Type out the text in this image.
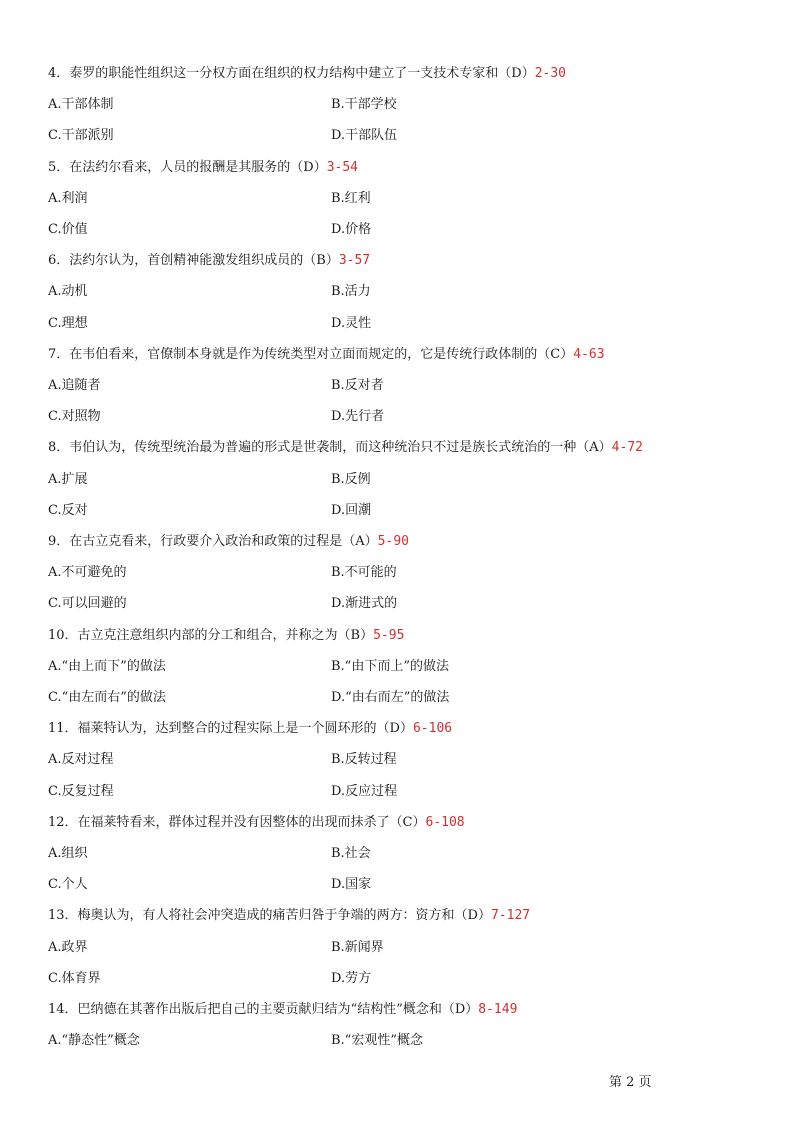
4．泰罗的职能性组织这一分权方面在组织的权力结构中建立了一支技术专家和（D）2-30
A.干部体制	B.干部学校
C.干部派别	D.干部队伍
5．在法约尔看来，人员的报酬是其服务的（D）3-54
A.利润	B.红利
C.价值	D.价格
6．法约尔认为，首创精神能激发组织成员的（B）3-57
A.动机	B.活力
C.理想	D.灵性
7．在韦伯看来，官僚制本身就是作为传统类型对立面而规定的，它是传统行政体制的（C）4-63
A.追随者	B.反对者
C.对照物	D.先行者
8．韦伯认为，传统型统治最为普遍的形式是世袭制，而这种统治只不过是族长式统治的一种（A）4-72
A.扩展	B.反例
C.反对	D.回潮
9．在古立克看来，行政要介入政治和政策的过程是（A）5-90
A.不可避免的	B.不可能的
C.可以回避的	D.渐进式的
10．古立克注意组织内部的分工和组合，并称之为（B）5-95
A.“由上而下”的做法	B.“由下而上”的做法
C.“由左而右”的做法	D.“由右而左”的做法
11．福莱特认为，达到整合的过程实际上是一个圆环形的（D）6-106
A.反对过程	B.反转过程
C.反复过程	D.反应过程
12．在福莱特看来，群体过程并没有因整体的出现而抹杀了（C）6-108
A.组织	B.社会
C.个人	D.国家
13．梅奥认为，有人将社会冲突造成的痛苦归咎于争端的两方：资方和（D）7-127
A.政界	B.新闻界
C.体育界	D.劳方
14．巴纳德在其著作出版后把自己的主要贡献归结为“结构性”概念和（D）8-149
A.“静态性”概念	B.“宏观性”概念
第 2 页
